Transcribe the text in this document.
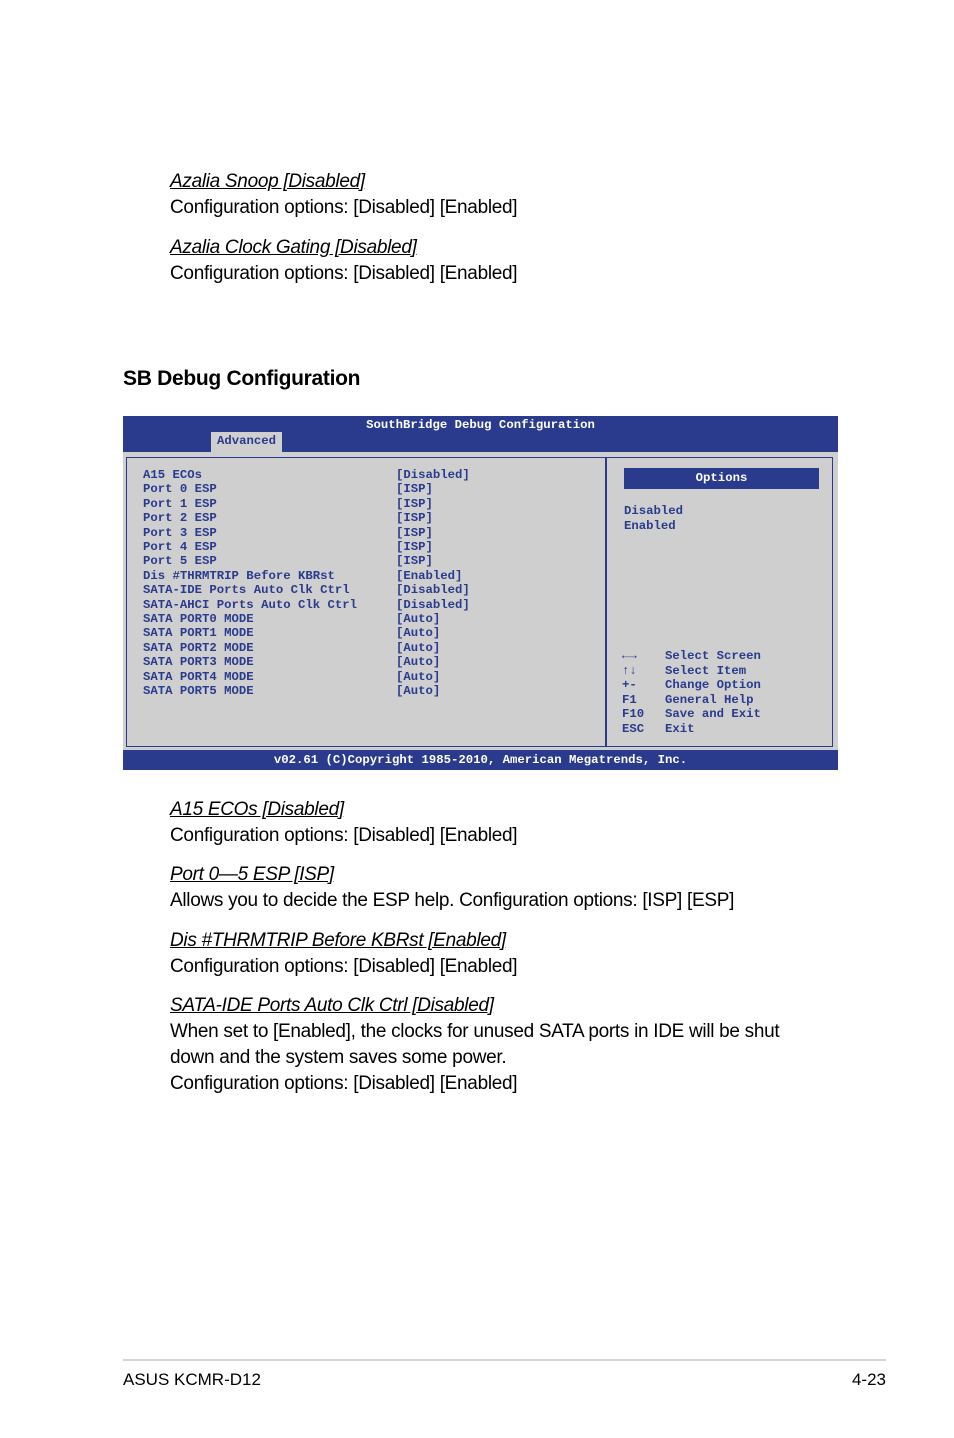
Azalia Snoop [Disabled]
Configuration options: [Disabled] [Enabled]
Azalia Clock Gating [Disabled]
Configuration options: [Disabled] [Enabled]
SB Debug Configuration
SouthBridge Debug Configuration
Advanced
A15 ECOs	[Disabled]
Port 0 ESP	[ISP]
Port 1 ESP	[ISP]
Port 2 ESP	[ISP]
Port 3 ESP	[ISP]
Port 4 ESP	[ISP]
Port 5 ESP	[ISP]
Dis #THRMTRIP Before KBRst	[Enabled]
SATA-IDE Ports Auto Clk Ctrl	[Disabled]
SATA-AHCI Ports Auto Clk Ctrl	[Disabled]
SATA PORT0 MODE	[Auto]
SATA PORT1 MODE	[Auto]
SATA PORT2 MODE	[Auto]
SATA PORT3 MODE	[Auto]
SATA PORT4 MODE	[Auto]
SATA PORT5 MODE	[Auto]
Options
Disabled
Enabled
←→ Select Screen
↑↓ Select Item
+- Change Option
F1 General Help
F10 Save and Exit
ESC Exit
v02.61 (C)Copyright 1985-2010, American Megatrends, Inc.
A15 ECOs [Disabled]
Configuration options: [Disabled] [Enabled]
Port 0—5 ESP [ISP]
Allows you to decide the ESP help. Configuration options: [ISP] [ESP]
Dis #THRMTRIP Before KBRst [Enabled]
Configuration options: [Disabled] [Enabled]
SATA-IDE Ports Auto Clk Ctrl [Disabled]
When set to [Enabled], the clocks for unused SATA ports in IDE will be shut
down and the system saves some power.
Configuration options: [Disabled] [Enabled]
ASUS KCMR-D12	4-23
